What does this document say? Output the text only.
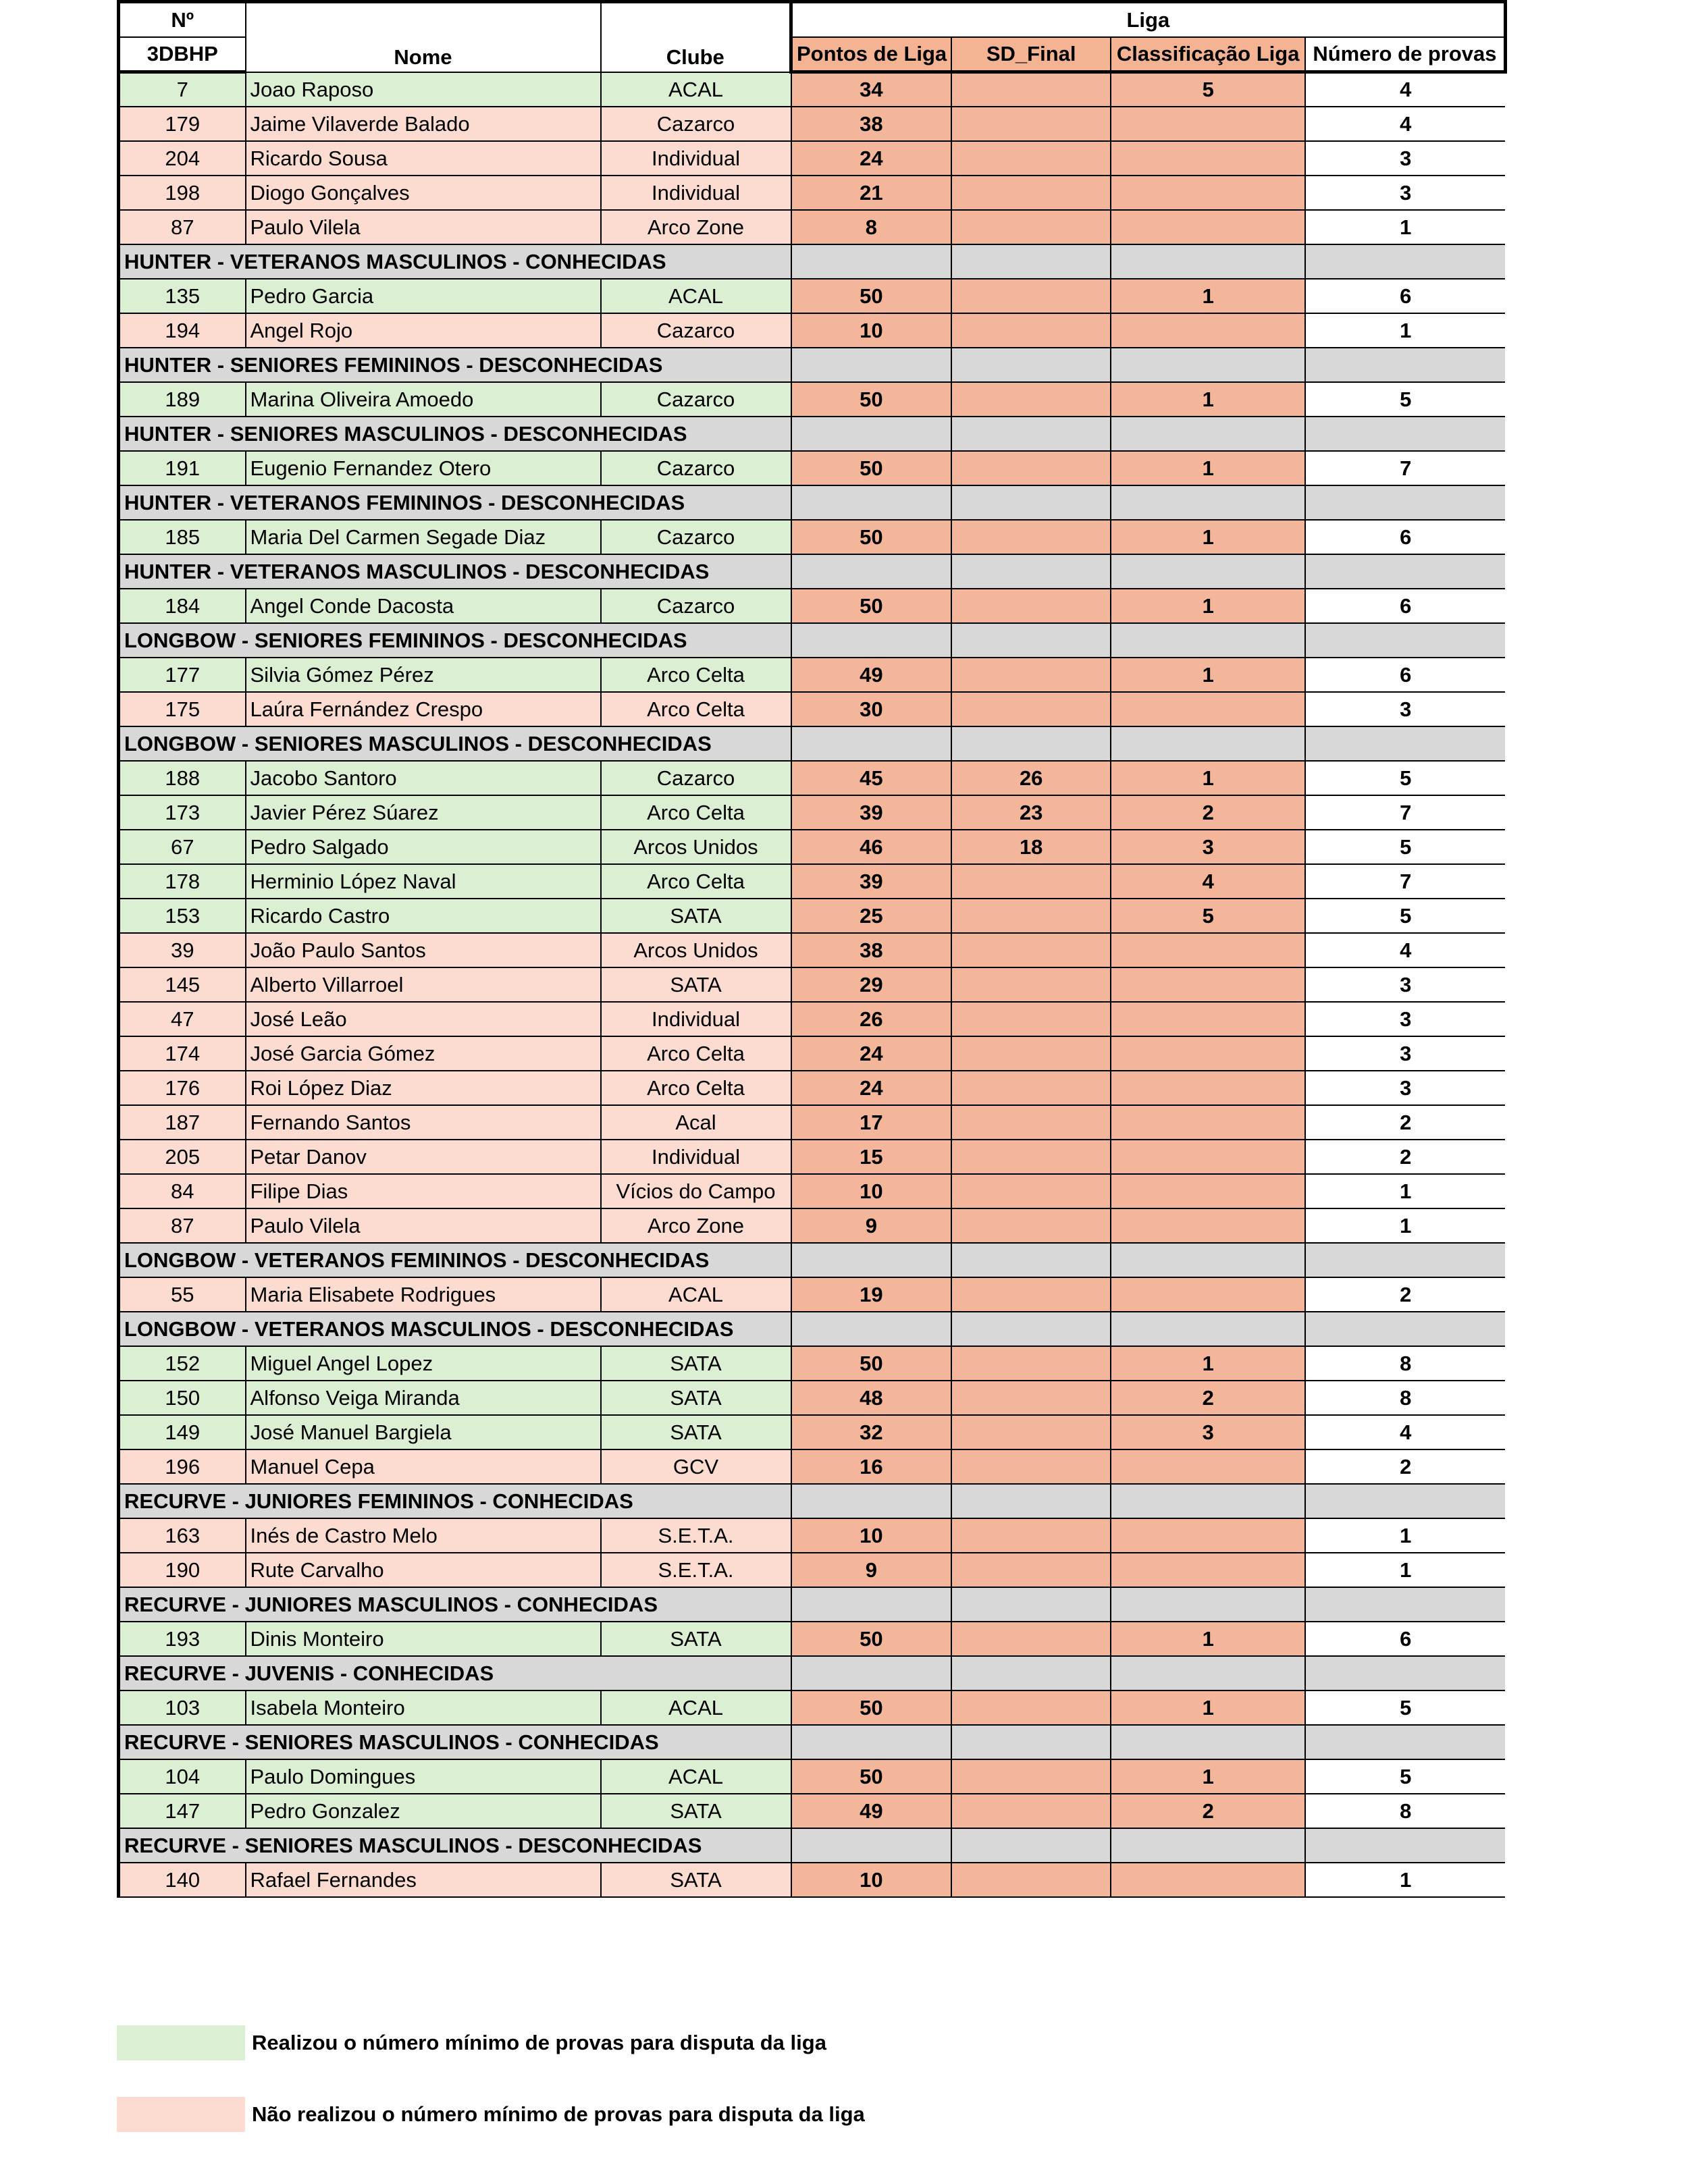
Nº	Nome	Clube	Liga			
3DBHP			Pontos de Liga	SD_Final	Classificação Liga	Número de provas
7	Joao Raposo	ACAL	34		5	4
179	Jaime Vilaverde Balado	Cazarco	38			4
204	Ricardo Sousa	Individual	24			3
198	Diogo Gonçalves	Individual	21			3
87	Paulo Vilela	Arco Zone	8			1
HUNTER - VETERANOS MASCULINOS - CONHECIDAS						
135	Pedro Garcia	ACAL	50		1	6
194	Angel Rojo	Cazarco	10			1
HUNTER - SENIORES FEMININOS - DESCONHECIDAS						
189	Marina Oliveira Amoedo	Cazarco	50		1	5
HUNTER - SENIORES MASCULINOS - DESCONHECIDAS						
191	Eugenio Fernandez Otero	Cazarco	50		1	7
HUNTER - VETERANOS FEMININOS - DESCONHECIDAS						
185	Maria Del Carmen Segade Diaz	Cazarco	50		1	6
HUNTER - VETERANOS MASCULINOS - DESCONHECIDAS						
184	Angel Conde Dacosta	Cazarco	50		1	6
LONGBOW - SENIORES FEMININOS - DESCONHECIDAS						
177	Silvia Gómez Pérez	Arco Celta	49		1	6
175	Laúra Fernández Crespo	Arco Celta	30			3
LONGBOW - SENIORES MASCULINOS - DESCONHECIDAS						
188	Jacobo Santoro	Cazarco	45	26	1	5
173	Javier Pérez Súarez	Arco Celta	39	23	2	7
67	Pedro Salgado	Arcos Unidos	46	18	3	5
178	Herminio López Naval	Arco Celta	39		4	7
153	Ricardo Castro	SATA	25		5	5
39	João Paulo Santos	Arcos Unidos	38			4
145	Alberto Villarroel	SATA	29			3
47	José Leão	Individual	26			3
174	José Garcia Gómez	Arco Celta	24			3
176	Roi López Diaz	Arco Celta	24			3
187	Fernando Santos	Acal	17			2
205	Petar Danov	Individual	15			2
84	Filipe Dias	Vícios do Campo	10			1
87	Paulo Vilela	Arco Zone	9			1
LONGBOW - VETERANOS FEMININOS - DESCONHECIDAS						
55	Maria Elisabete Rodrigues	ACAL	19			2
LONGBOW - VETERANOS MASCULINOS - DESCONHECIDAS						
152	Miguel Angel Lopez	SATA	50		1	8
150	Alfonso Veiga Miranda	SATA	48		2	8
149	José Manuel Bargiela	SATA	32		3	4
196	Manuel Cepa	GCV	16			2
RECURVE - JUNIORES FEMININOS - CONHECIDAS						
163	Inés de Castro Melo	S.E.T.A.	10			1
190	Rute Carvalho	S.E.T.A.	9			1
RECURVE - JUNIORES MASCULINOS - CONHECIDAS						
193	Dinis Monteiro	SATA	50		1	6
RECURVE - JUVENIS - CONHECIDAS						
103	Isabela Monteiro	ACAL	50		1	5
RECURVE - SENIORES MASCULINOS - CONHECIDAS						
104	Paulo Domingues	ACAL	50		1	5
147	Pedro Gonzalez	SATA	49		2	8
RECURVE - SENIORES MASCULINOS - DESCONHECIDAS						
140	Rafael Fernandes	SATA	10			1
Realizou o número mínimo de provas para disputa da liga
Não realizou o número mínimo de provas para disputa da liga
